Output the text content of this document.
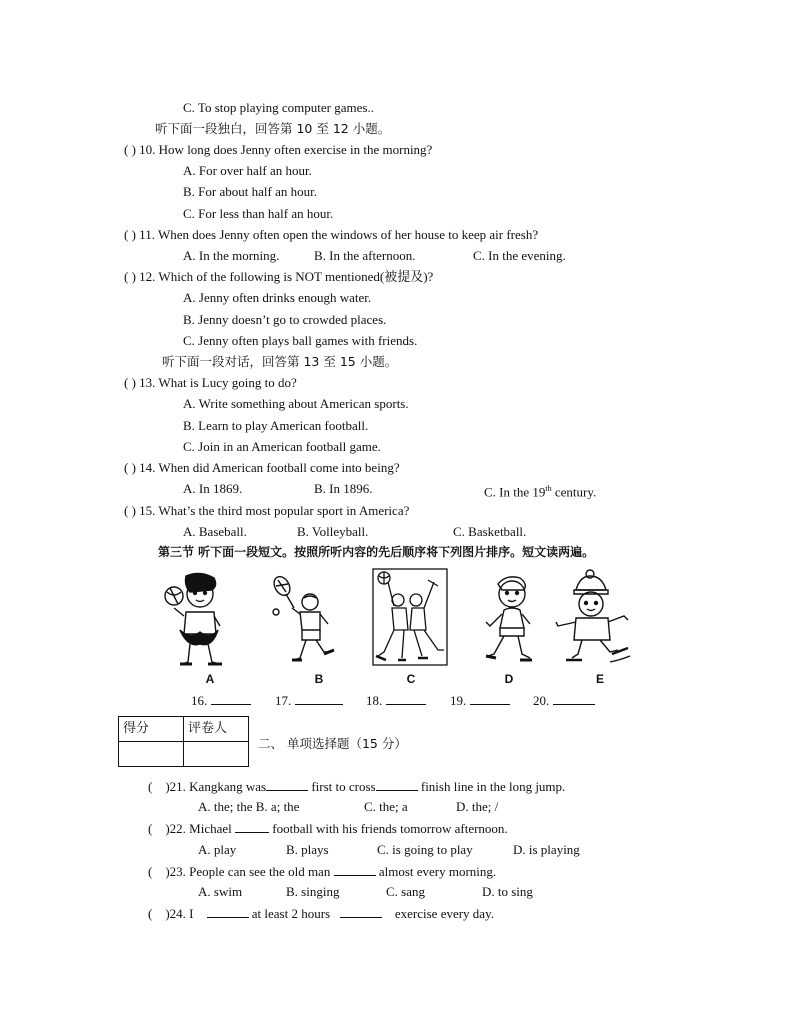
C. To stop playing computer games..
听下面一段独白，回答第 10 至 12 小题。
( ) 10. How long does Jenny often exercise in the morning?
A. For over half an hour.
B. For about half an hour.
C. For less than half an hour.
( ) 11. When does Jenny often open the windows of her house to keep air fresh?
A. In the morning.	B. In the afternoon.	C. In the evening.
( ) 12. Which of the following is NOT mentioned(被提及)?
A. Jenny often drinks enough water.
B. Jenny doesn’t go to crowded places.
C. Jenny often plays ball games with friends.
听下面一段对话，回答第 13 至 15 小题。
( ) 13. What is Lucy going to do?
A. Write something about American sports.
B. Learn to play American football.
C. Join in an American football game.
( ) 14. When did American football come into being?
A. In 1869.	B. In 1896.	C. In the 19th century.
( ) 15. What’s the third most popular sport in America?
A. Baseball.	B. Volleyball.	C. Basketball.
第三节 听下面一段短文。按照所听内容的先后顺序将下列图片排序。短文读两遍。
A	B	C	D	E
16.	17.	18.	19.	20.
得分	评卷人

二、 单项选择题（15 分）
( )21. Kangkang was	first to cross	finish line in the long jump.
A. the; the B. a; the	C. the; a	D. the; /
( )22. Michael	football with his friends tomorrow afternoon.
A. play	B. plays	C. is going to play	D. is playing
( )23. People can see the old man	almost every morning.
A. swim	B. singing	C. sang	D. to sing
( )24. I	at least 2 hours	exercise every day.
